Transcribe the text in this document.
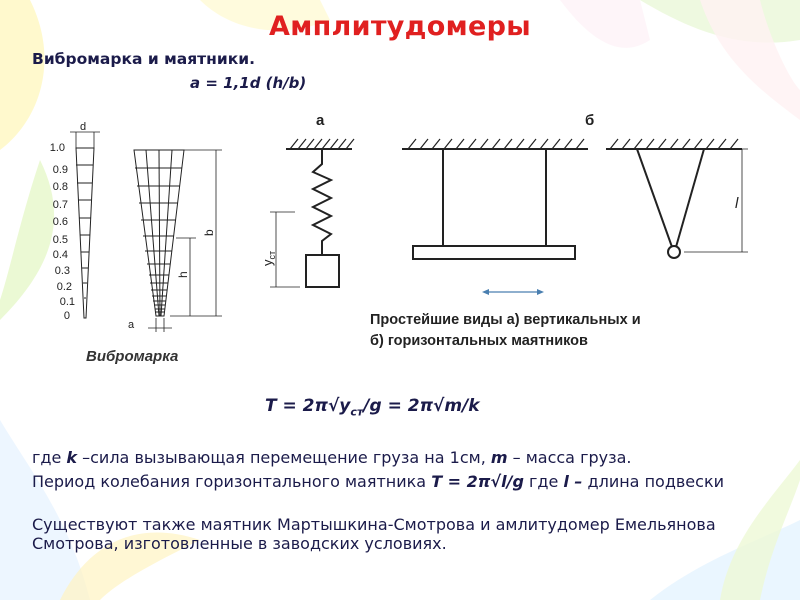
Амплитудомеры
Вибромарка и маятники.
a = 1,1d (h/b)
1.0
0.9
0.8
0.7
0.6
0.5
0.4
0.3
0.2
0.1
0
d
b
h
a
Вибромарка
а
$y_{ст}$
б
l
Простейшие виды а) вертикальных и
б) горизонтальных маятников
$T = 2\pi√y_{ст}/g = 2\pi√m/k$
где k –сила вызывающая перемещение груза на 1см, m – масса груза.
Период колебания горизонтального маятника T = 2π√l/g где l – длина подвески
Существуют также маятник Мартышкина-Смотрова и амлитудомер Емельянова Смотрова, изготовленные в заводских условиях.
